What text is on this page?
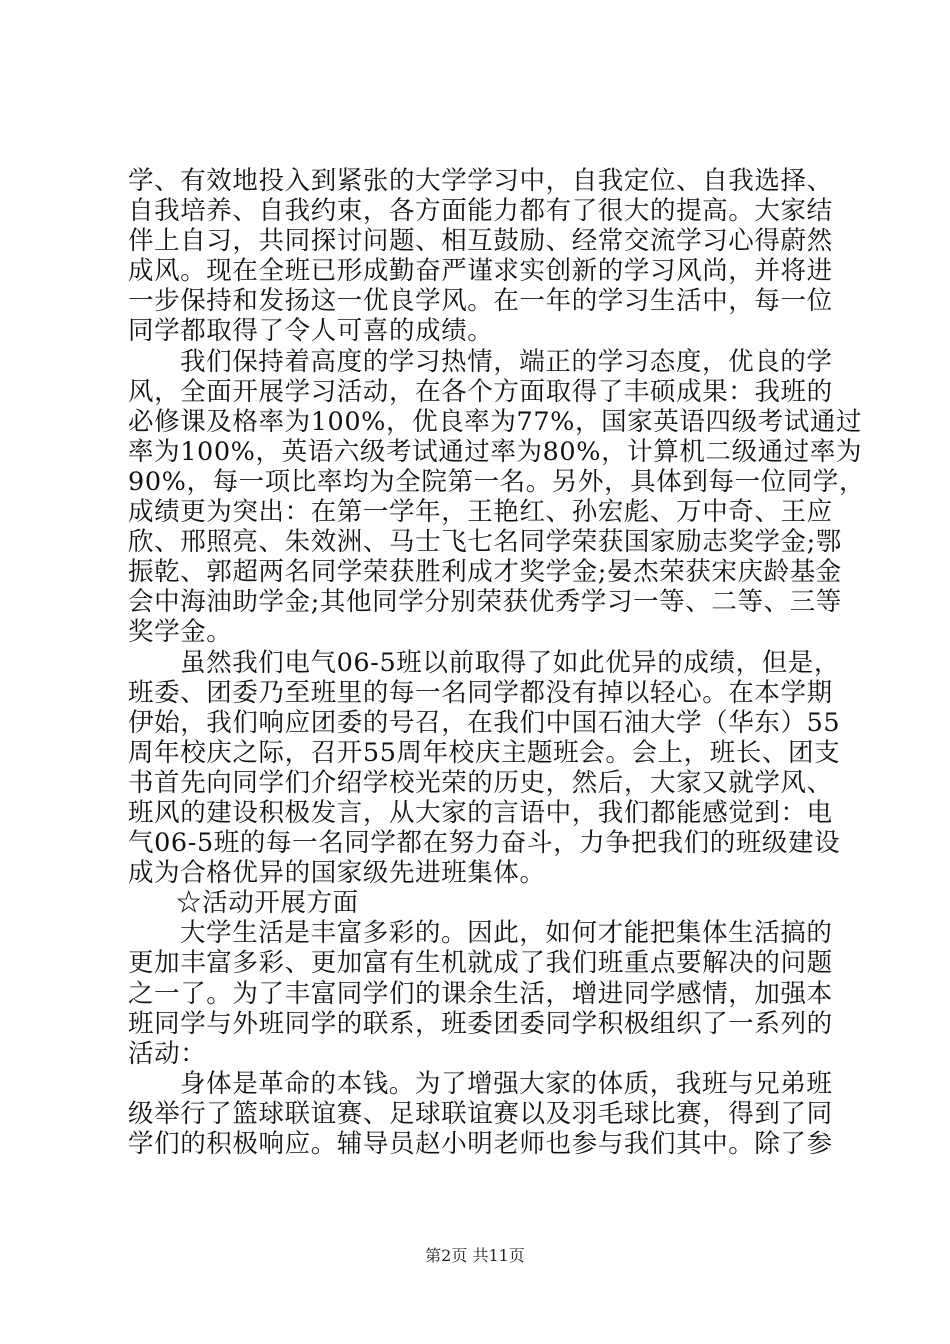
学、有效地投入到紧张的大学学习中，自我定位、自我选择、
自我培养、自我约束，各方面能力都有了很大的提高。大家结
伴上自习，共同探讨问题、相互鼓励、经常交流学习心得蔚然
成风。现在全班已形成勤奋严谨求实创新的学习风尚，并将进
一步保持和发扬这一优良学风。在一年的学习生活中，每一位
同学都取得了令人可喜的成绩。
我们保持着高度的学习热情，端正的学习态度，优良的学
风，全面开展学习活动，在各个方面取得了丰硕成果：我班的
必修课及格率为100%，优良率为77%，国家英语四级考试通过
率为100%，英语六级考试通过率为80%，计算机二级通过率为
90%，每一项比率均为全院第一名。另外，具体到每一位同学，
成绩更为突出：在第一学年，王艳红、孙宏彪、万中奇、王应
欣、邢照亮、朱效洲、马士飞七名同学荣获国家励志奖学金;鄂
振乾、郭超两名同学荣获胜利成才奖学金;晏杰荣获宋庆龄基金
会中海油助学金;其他同学分别荣获优秀学习一等、二等、三等
奖学金。
虽然我们电气06-5班以前取得了如此优异的成绩，但是，
班委、团委乃至班里的每一名同学都没有掉以轻心。在本学期
伊始，我们响应团委的号召，在我们中国石油大学（华东）55
周年校庆之际，召开55周年校庆主题班会。会上，班长、团支
书首先向同学们介绍学校光荣的历史，然后，大家又就学风、
班风的建设积极发言，从大家的言语中，我们都能感觉到：电
气06-5班的每一名同学都在努力奋斗，力争把我们的班级建设
成为合格优异的国家级先进班集体。
☆活动开展方面
大学生活是丰富多彩的。因此，如何才能把集体生活搞的
更加丰富多彩、更加富有生机就成了我们班重点要解决的问题
之一了。为了丰富同学们的课余生活，增进同学感情，加强本
班同学与外班同学的联系，班委团委同学积极组织了一系列的
活动：
身体是革命的本钱。为了增强大家的体质，我班与兄弟班
级举行了篮球联谊赛、足球联谊赛以及羽毛球比赛，得到了同
学们的积极响应。辅导员赵小明老师也参与我们其中。除了参
第2页 共11页
